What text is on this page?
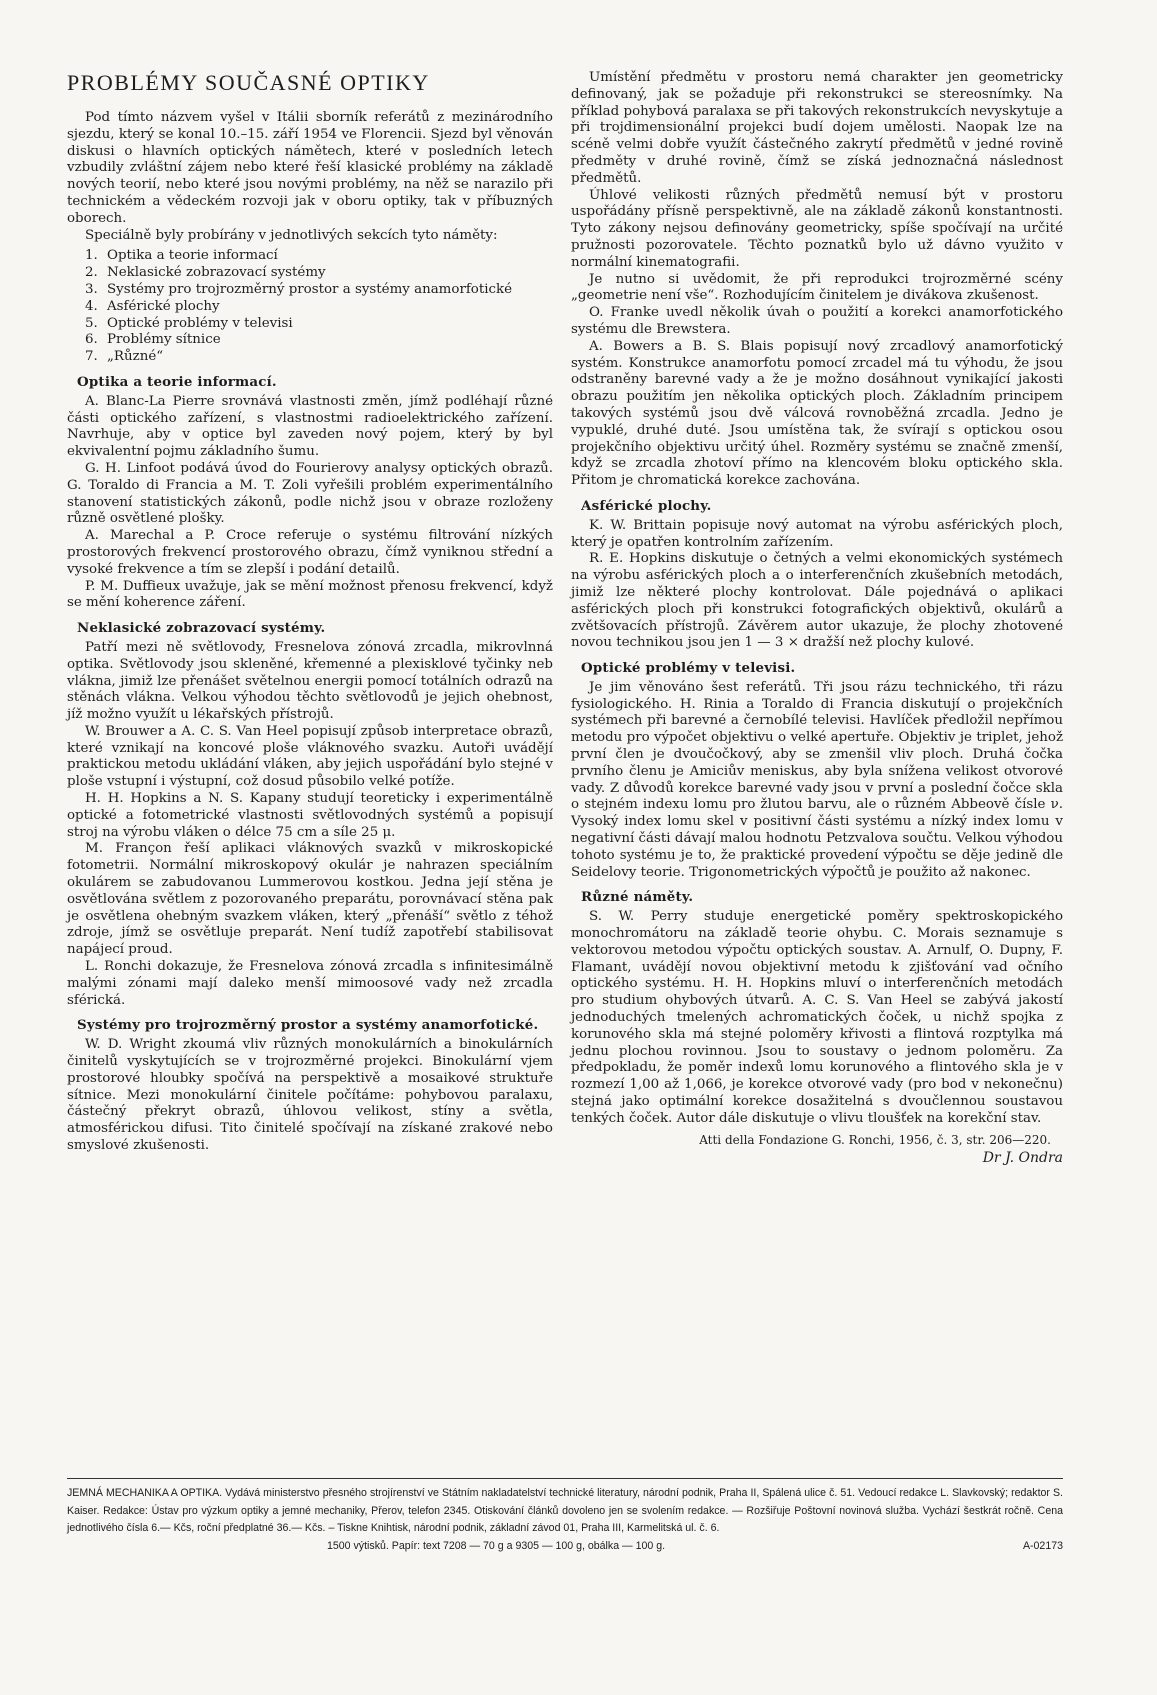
PROBLÉMY SOUČASNÉ OPTIKY

Pod tímto názvem vyšel v Itálii sborník referátů z mezinárodního sjezdu, který se konal 10.–15. září 1954 ve Florencii. Sjezd byl věnován diskusi o hlavních optických námětech, které v posledních letech vzbudily zvláštní zájem nebo které řeší klasické problémy na základě nových teorií, nebo které jsou novými problémy, na něž se narazilo při technickém a vědeckém rozvoji jak v oboru optiky, tak v příbuzných oborech.

Speciálně byly probírány v jednotlivých sekcích tyto náměty:

1. Optika a teorie informací
2. Neklasické zobrazovací systémy
3. Systémy pro trojrozměrný prostor a systémy anamorfotické
4. Asférické plochy
5. Optické problémy v televisi
6. Problémy sítnice
7. „Různé“
Optika a teorie informací.

A. Blanc-La Pierre srovnává vlastnosti změn, jímž podléhají různé části optického zařízení, s vlastnostmi radioelektrického zařízení. Navrhuje, aby v optice byl zaveden nový pojem, který by byl ekvivalentní pojmu základního šumu.

G. H. Linfoot podává úvod do Fourierovy analysy optických obrazů. G. Toraldo di Francia a M. T. Zoli vyřešili problém experimentálního stanovení statistických zákonů, podle nichž jsou v obraze rozloženy různě osvětlené plošky.

A. Marechal a P. Croce referuje o systému filtrování nízkých prostorových frekvencí prostorového obrazu, čímž vyniknou střední a vysoké frekvence a tím se zlepší i podání detailů.

P. M. Duffieux uvažuje, jak se mění možnost přenosu frekvencí, když se mění koherence záření.

Neklasické zobrazovací systémy.

Patří mezi ně světlovody, Fresnelova zónová zrcadla, mikrovlnná optika. Světlovody jsou skleněné, křemenné a plexisklové tyčinky neb vlákna, jimiž lze přenášet světelnou energii pomocí totálních odrazů na stěnách vlákna. Velkou výhodou těchto světlovodů je jejich ohebnost, jíž možno využít u lékařských přístrojů.

W. Brouwer a A. C. S. Van Heel popisují způsob interpretace obrazů, které vznikají na koncové ploše vláknového svazku. Autoři uvádějí praktickou metodu ukládání vláken, aby jejich uspořádání bylo stejné v ploše vstupní i výstupní, což dosud působilo velké potíže.

H. H. Hopkins a N. S. Kapany studují teoreticky i experimentálně optické a fotometrické vlastnosti světlovodných systémů a popisují stroj na výrobu vláken o délce 75 cm a síle 25 μ.

M. Françon řeší aplikaci vláknových svazků v mikroskopické fotometrii. Normální mikroskopový okulár je nahrazen speciálním okulárem se zabudovanou Lummerovou kostkou. Jedna její stěna je osvětlována světlem z pozorovaného preparátu, porovnávací stěna pak je osvětlena ohebným svazkem vláken, který „přenáší“ světlo z téhož zdroje, jímž se osvětluje preparát. Není tudíž zapotřebí stabilisovat napájecí proud.

L. Ronchi dokazuje, že Fresnelova zónová zrcadla s infinitesimálně malými zónami mají daleko menší mimoosové vady než zrcadla sférická.

Systémy pro trojrozměrný prostor a systémy anamorfotické.

W. D. Wright zkoumá vliv různých monokulárních a binokulárních činitelů vyskytujících se v trojrozměrné projekci. Binokulární vjem prostorové hloubky spočívá na perspektivě a mosaikové struktuře sítnice. Mezi monokulární činitele počítáme: pohybovou paralaxu, částečný překryt obrazů, úhlovou velikost, stíny a světla, atmosférickou difusi. Tito činitelé spočívají na získané zrakové nebo smyslové zkušenosti.

Umístění předmětu v prostoru nemá charakter jen geometricky definovaný, jak se požaduje při rekonstrukci se stereosnímky. Na příklad pohybová paralaxa se při takových rekonstrukcích nevyskytuje a při trojdimensionální projekci budí dojem umělosti. Naopak lze na scéně velmi dobře využít částečného zakrytí předmětů v jedné rovině předměty v druhé rovině, čímž se získá jednoznačná následnost předmětů.

Úhlové velikosti různých předmětů nemusí být v prostoru uspořádány přísně perspektivně, ale na základě zákonů konstantnosti. Tyto zákony nejsou definovány geometricky, spíše spočívají na určité pružnosti pozorovatele. Těchto poznatků bylo už dávno využito v normální kinematografii.

Je nutno si uvědomit, že při reprodukci trojrozměrné scény „geometrie není vše“. Rozhodujícím činitelem je divákova zkušenost.

O. Franke uvedl několik úvah o použití a korekci anamorfotického systému dle Brewstera.

A. Bowers a B. S. Blais popisují nový zrcadlový anamorfotický systém. Konstrukce anamorfotu pomocí zrcadel má tu výhodu, že jsou odstraněny barevné vady a že je možno dosáhnout vynikající jakosti obrazu použitím jen několika optických ploch. Základním principem takových systémů jsou dvě válcová rovnoběžná zrcadla. Jedno je vypuklé, druhé duté. Jsou umístěna tak, že svírají s optickou osou projekčního objektivu určitý úhel. Rozměry systému se značně zmenší, když se zrcadla zhotoví přímo na klencovém bloku optického skla. Přitom je chromatická korekce zachována.

Asférické plochy.

K. W. Brittain popisuje nový automat na výrobu asférických ploch, který je opatřen kontrolním zařízením.

R. E. Hopkins diskutuje o četných a velmi ekonomických systémech na výrobu asférických ploch a o interferenčních zkušebních metodách, jimiž lze některé plochy kontrolovat. Dále pojednává o aplikaci asférických ploch při konstrukci fotografických objektivů, okulárů a zvětšovacích přístrojů. Závěrem autor ukazuje, že plochy zhotovené novou technikou jsou jen 1 — 3 × dražší než plochy kulové.

Optické problémy v televisi.

Je jim věnováno šest referátů. Tři jsou rázu technického, tři rázu fysiologického. H. Rinia a Toraldo di Francia diskutují o projekčních systémech při barevné a černobílé televisi. Havlíček předložil nepřímou metodu pro výpočet objektivu o velké apertuře. Objektiv je triplet, jehož první člen je dvoučočkový, aby se zmenšil vliv ploch. Druhá čočka prvního členu je Amiciův meniskus, aby byla snížena velikost otvorové vady. Z důvodů korekce barevné vady jsou v první a poslední čočce skla o stejném indexu lomu pro žlutou barvu, ale o různém Abbeově čísle ν. Vysoký index lomu skel v positivní části systému a nízký index lomu v negativní části dávají malou hodnotu Petzvalova součtu. Velkou výhodou tohoto systému je to, že praktické provedení výpočtu se děje jedině dle Seidelovy teorie. Trigonometrických výpočtů je použito až nakonec.

Různé náměty.

S. W. Perry studuje energetické poměry spektroskopického monochromátoru na základě teorie ohybu. C. Morais seznamuje s vektorovou metodou výpočtu optických soustav. A. Arnulf, O. Dupny, F. Flamant, uvádějí novou objektivní metodu k zjišťování vad očního optického systému. H. H. Hopkins mluví o interferenčních metodách pro studium ohybových útvarů. A. C. S. Van Heel se zabývá jakostí jednoduchých tmelených achromatických čoček, u nichž spojka z korunového skla má stejné poloměry křivosti a flintová rozptylka má jednu plochou rovinnou. Jsou to soustavy o jednom poloměru. Za předpokladu, že poměr indexů lomu korunového a flintového skla je v rozmezí 1,00 až 1,066, je korekce otvorové vady (pro bod v nekonečnu) stejná jako optimální korekce dosažitelná s dvoučlennou soustavou tenkých čoček. Autor dále diskutuje o vlivu tloušťek na korekční stav.

Atti della Fondazione G. Ronchi, 1956, č. 3, str. 206—220.
Dr J. Ondra
JEMNÁ MECHANIKA A OPTIKA. Vydává ministerstvo přesného strojírenství ve Státním nakladatelství technické literatury, národní podnik, Praha II, Spálená ulice č. 51. Vedoucí redakce L. Slavkovský; redaktor S. Kaiser. Redakce: Ústav pro výzkum optiky a jemné mechaniky, Přerov, telefon 2345. Otiskování článků dovoleno jen se svolením redakce. — Rozšiřuje Poštovní novinová služba. Vychází šestkrát ročně. Cena jednotlivého čísla 6.— Kčs, roční předplatné 36.— Kčs. – Tiskne Knihtisk, národní podnik, základní závod 01, Praha III, Karmelitská ul. č. 6.
1500 výtisků. Papír: text 7208 — 70 g a 9305 — 100 g, obálka — 100 g.	A-02173
